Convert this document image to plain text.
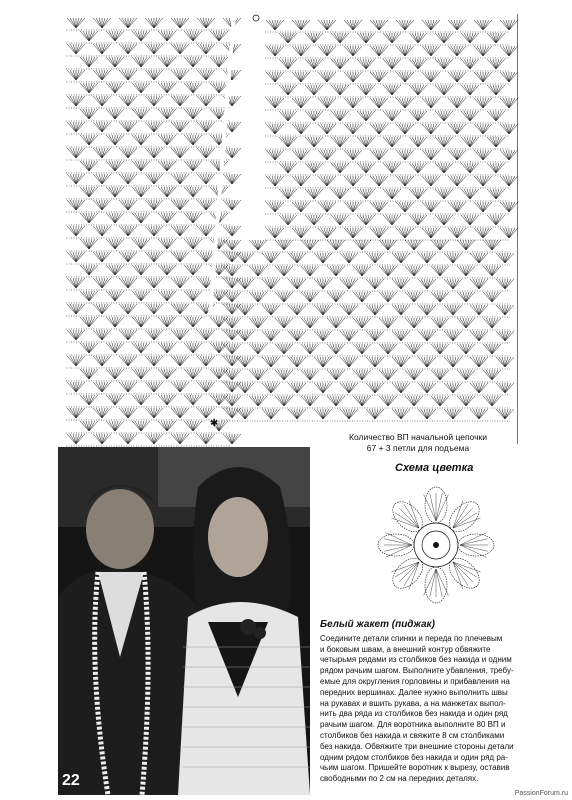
✱
Количество ВП начальной цепочки
67 + 3 петли для подъема
22
Схема цветка
Белый жакет (пиджак)

Соедините детали спинки и переда по плечевым
и боковым швам, а внешний контур обвяжите
четырьмя рядами из столбиков без накида и одним
рядом рачьим шагом. Выполните убавления, требу-
емые для округления горловины и прибавления на
передних вершинах. Далее нужно выполнить швы
на рукавах и вшить рукава, а на манжетах выпол-
нить два ряда из столбиков без накида и один ряд
рачьим шагом. Для воротника выполните 80 ВП и
столбиков без накида и свяжите 8 см столбиками
без накида. Обвяжите три внешние стороны детали
одним рядом столбиков без накида и один ряд ра-
чьим шагом. Пришейте воротник к вырезу, оставив
свободными по 2 см на передних деталях.

PassionForum.ru
